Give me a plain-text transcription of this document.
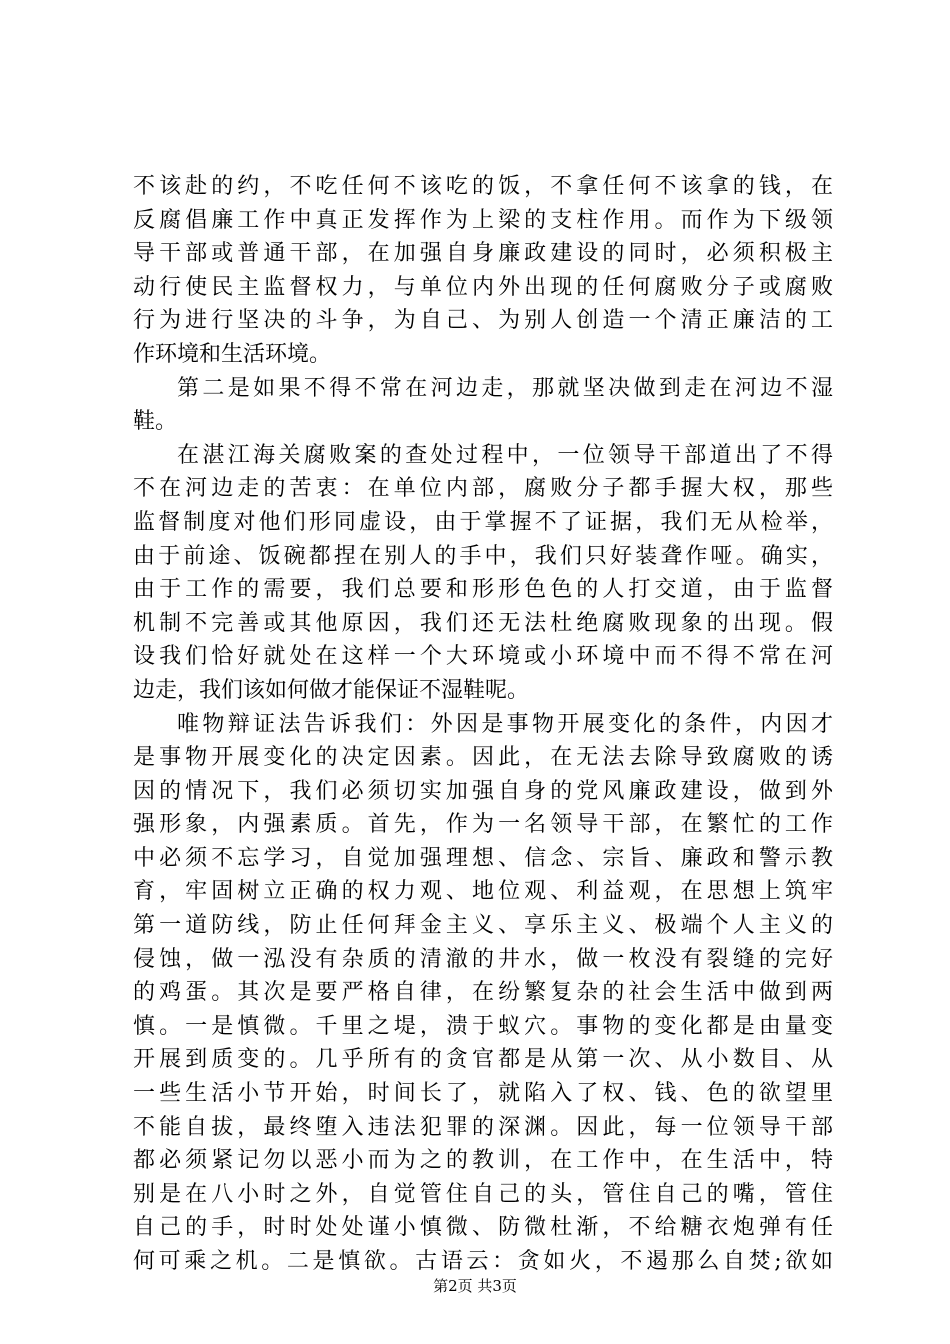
不该赴的约，不吃任何不该吃的饭，不拿任何不该拿的钱，在
反腐倡廉工作中真正发挥作为上梁的支柱作用。而作为下级领
导干部或普通干部，在加强自身廉政建设的同时，必须积极主
动行使民主监督权力，与单位内外出现的任何腐败分子或腐败
行为进行坚决的斗争，为自己、为别人创造一个清正廉洁的工
作环境和生活环境。
第二是如果不得不常在河边走，那就坚决做到走在河边不湿
鞋。
在湛江海关腐败案的查处过程中，一位领导干部道出了不得
不在河边走的苦衷：在单位内部，腐败分子都手握大权，那些
监督制度对他们形同虚设，由于掌握不了证据，我们无从检举，
由于前途、饭碗都捏在别人的手中，我们只好装聋作哑。确实，
由于工作的需要，我们总要和形形色色的人打交道，由于监督
机制不完善或其他原因，我们还无法杜绝腐败现象的出现。假
设我们恰好就处在这样一个大环境或小环境中而不得不常在河
边走，我们该如何做才能保证不湿鞋呢。
唯物辩证法告诉我们：外因是事物开展变化的条件，内因才
是事物开展变化的决定因素。因此，在无法去除导致腐败的诱
因的情况下，我们必须切实加强自身的党风廉政建设，做到外
强形象，内强素质。首先，作为一名领导干部，在繁忙的工作
中必须不忘学习，自觉加强理想、信念、宗旨、廉政和警示教
育，牢固树立正确的权力观、地位观、利益观，在思想上筑牢
第一道防线，防止任何拜金主义、享乐主义、极端个人主义的
侵蚀，做一泓没有杂质的清澈的井水，做一枚没有裂缝的完好
的鸡蛋。其次是要严格自律，在纷繁复杂的社会生活中做到两
慎。一是慎微。千里之堤，溃于蚁穴。事物的变化都是由量变
开展到质变的。几乎所有的贪官都是从第一次、从小数目、从
一些生活小节开始，时间长了，就陷入了权、钱、色的欲望里
不能自拔，最终堕入违法犯罪的深渊。因此，每一位领导干部
都必须紧记勿以恶小而为之的教训，在工作中，在生活中，特
别是在八小时之外，自觉管住自己的头，管住自己的嘴，管住
自己的手，时时处处谨小慎微、防微杜渐，不给糖衣炮弹有任
何可乘之机。二是慎欲。古语云：贪如火，不遏那么自焚;欲如
第2页 共3页
